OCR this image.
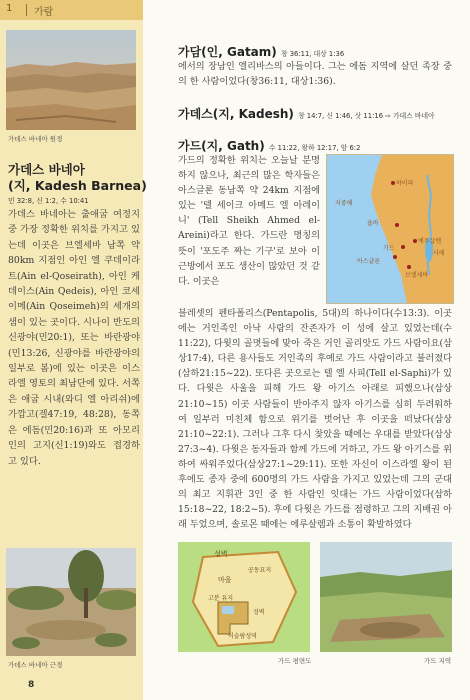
1 가람
가데스 바네아 원경
가데스 바네아
(지, Kadesh Barnea)
민 32:8, 신 1:2, 수 10:41
가데스 바네아는 출애굽 여정지 중 가장 정확한 위치를 가지고 있는데 이곳은 브엘세바 남쪽 약 80km 지점인 아인 엘 쿠데이라트(Ain el-Qoseirath), 아인 케데이스(Ain Qedeis), 아인 코세이메(Ain Qoseimeh)의 세개의 샘이 있는 곳이다. 시나이 반도의 신광야(민20:1), 또는 바란광야(민13:26, 신광야를 바란광야의 일부로 봄)에 있는 이곳은 이스라엘 영토의 최남단에 있다. 서쪽은 애굽 시내(와디 엘 아리쉬)에 가깝고(겔47:19, 48:28), 동쪽은 에돔(민20:16)과 또 아모리인의 고지(신1:19)와도 접경하고 있다.
가데스 바네아 근경
8
가담(인, Gatam) 창 36:11, 대상 1:36
에서의 장남인 엘리바스의 아들이다. 그는 에돔 지역에 살던 족장 중의 한 사람이었다(창36:11, 대상1:36).
가데스(지, Kadesh) 창 14:7, 신 1:46, 삿 11:16 ⇨ 가데스 바네아
가드(지, Gath) 수 11:22, 왕하 12:17, 암 6:2
가드의 정확한 위치는 오늘날 분명하지 않으나, 최근의 많은 학자들은 아스글론 동남쪽 약 24km 지점에 있는 '텔 세이크 아메드 엘 아레이니' (Tell Sheikh Ahmed el-Areini)라고 한다. 가드란 명칭의 뜻이 '포도주 짜는 기구'로 보아 이 근방에서 포도 생산이 많았던 것 같다. 이곳은
하이파
욥바
가드
예루살렘
아스글론
브엘세바
지중해
사해
블레셋의 펜타폴리스(Pentapolis, 5대)의 하나이다(수13:3). 이곳에는 거인족인 아낙 사람의 잔존자가 이 성에 살고 있었는데(수11:22), 다윗의 골몃들에 맞아 죽은 거인 골리앗도 가드 사람이요(삼상17:4), 다른 용사들도 거인족의 후예로 가드 사람이라고 불러졌다(삼하21:15~22). 또다른 곳으로는 텔 엘 사피(Tell el-Saphi)가 있다. 다윗은 사울을 피해 가드 왕 아기스 아래로 피했으나(삼상21:10~15) 이곳 사람들이 반아주지 않자 아기스를 심히 두려워하여 일부러 미친체 함으로 위기를 벗어난 후 이곳을 떠났다(삼상 21:10~22:1). 그러나 그후 다시 찾았을 때에는 우대를 받았다(삼상 27:3~4). 다윗은 동자들과 함께 가드에 거하고, 가드 왕 아기스를 위하여 싸워주었다(삼상27:1~29:11). 또한 자신이 이스라엘 왕이 된 후에도 종자 중에 600명의 가드 사람을 가지고 있었는데 그의 군대의 최고 지휘관 3인 중 한 사람인 잇대는 가드 사람이었다(삼하 15:18~22, 18:2~5). 후에 다윗은 가드를 점령하고 그의 지배권 아래 두었으며, 솔로몬 때에는 에루살렘과 소통이 확발하였다
성벽
마을
공동묘지
고분 유지
성벽
이슬람성역
가드 평면도	가드 지역
